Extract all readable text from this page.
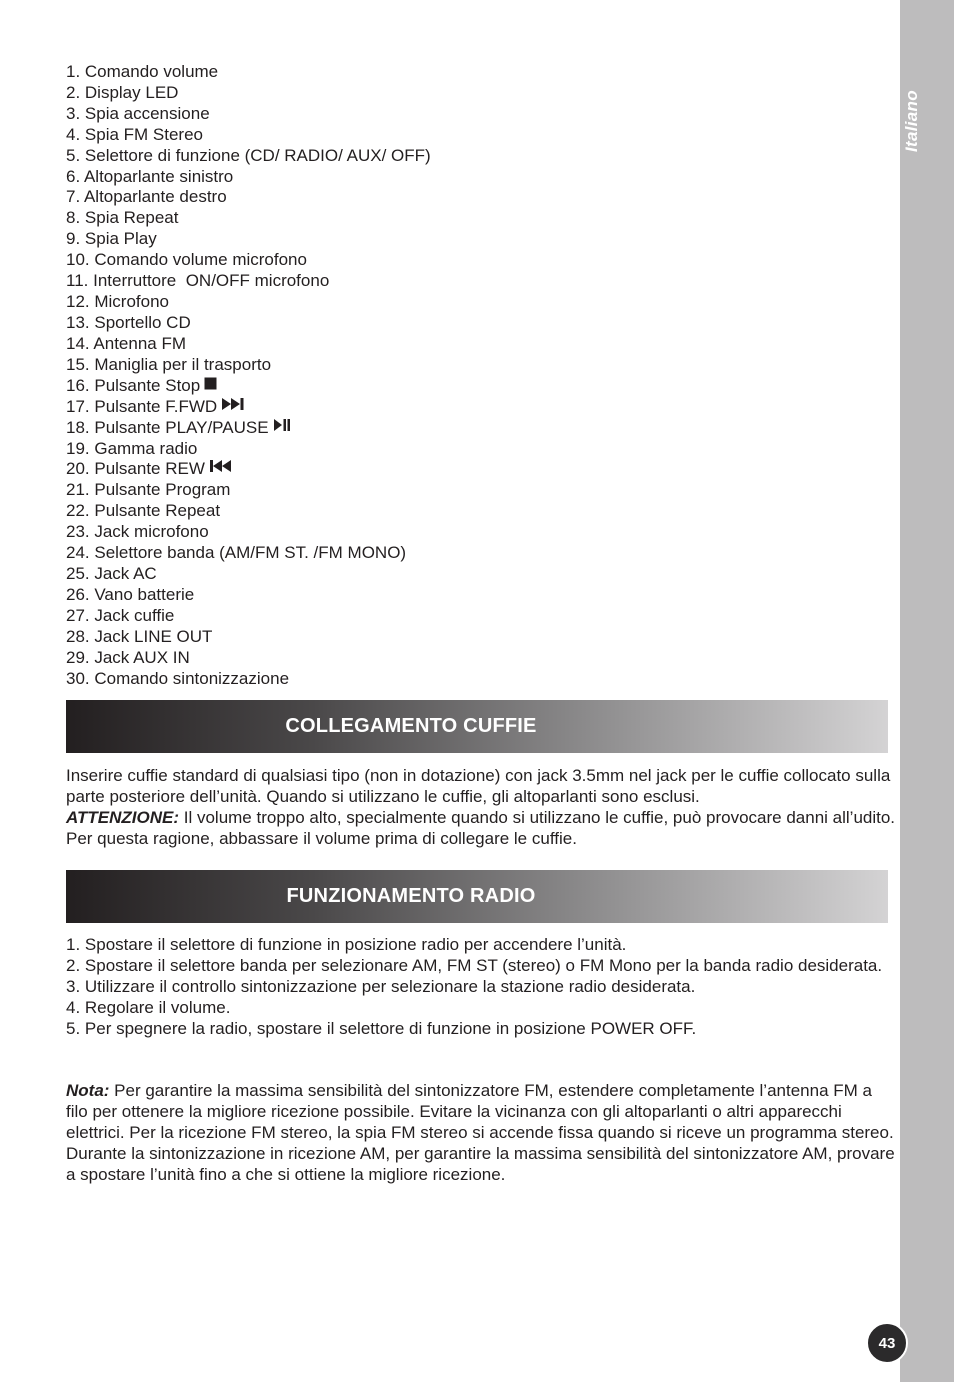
Italiano
1. Comando volume
2. Display LED
3. Spia accensione
4. Spia FM Stereo
5. Selettore di funzione (CD/ RADIO/ AUX/ OFF)
6. Altoparlante sinistro
7. Altoparlante destro
8. Spia Repeat
9. Spia Play
10. Comando volume microfono
11. Interruttore  ON/OFF microfono
12. Microfono
13. Sportello CD
14. Antenna FM
15. Maniglia per il trasporto
16. Pulsante Stop
17. Pulsante F.FWD
18. Pulsante PLAY/PAUSE
19. Gamma radio
20. Pulsante REW
21. Pulsante Program
22. Pulsante Repeat
23. Jack microfono
24. Selettore banda (AM/FM ST. /FM MONO)
25. Jack AC
26. Vano batterie
27. Jack cuffie
28. Jack LINE OUT
29. Jack AUX IN
30. Comando sintonizzazione
COLLEGAMENTO CUFFIE

Inserire cuffie standard di qualsiasi tipo (non in dotazione) con jack 3.5mm nel jack per le cuffie collocato sulla parte posteriore dell’unità. Quando si utilizzano le cuffie, gli altoparlanti sono esclusi.
ATTENZIONE: Il volume troppo alto, specialmente quando si utilizzano le cuffie, può provocare danni all’udito. Per questa ragione, abbassare il volume prima di collegare le cuffie.

FUNZIONAMENTO RADIO
1. Spostare il selettore di funzione in posizione radio per accendere l’unità.
2. Spostare il selettore banda per selezionare AM, FM ST (stereo) o FM Mono per la banda radio desiderata.
3. Utilizzare il controllo sintonizzazione per selezionare la stazione radio desiderata.
4. Regolare il volume.
5. Per spegnere la radio, spostare il selettore di funzione in posizione POWER OFF.

Nota: Per garantire la massima sensibilità del sintonizzatore FM, estendere completamente l’antenna FM a filo per ottenere la migliore ricezione possibile. Evitare la vicinanza con gli altoparlanti o altri apparecchi elettrici. Per la ricezione FM stereo, la spia FM stereo si accende fissa quando si riceve un programma stereo. Durante la sintonizzazione in ricezione AM, per garantire la massima sensibilità del sintonizzatore AM, provare a spostare l’unità fino a che si ottiene la migliore ricezione.

43
